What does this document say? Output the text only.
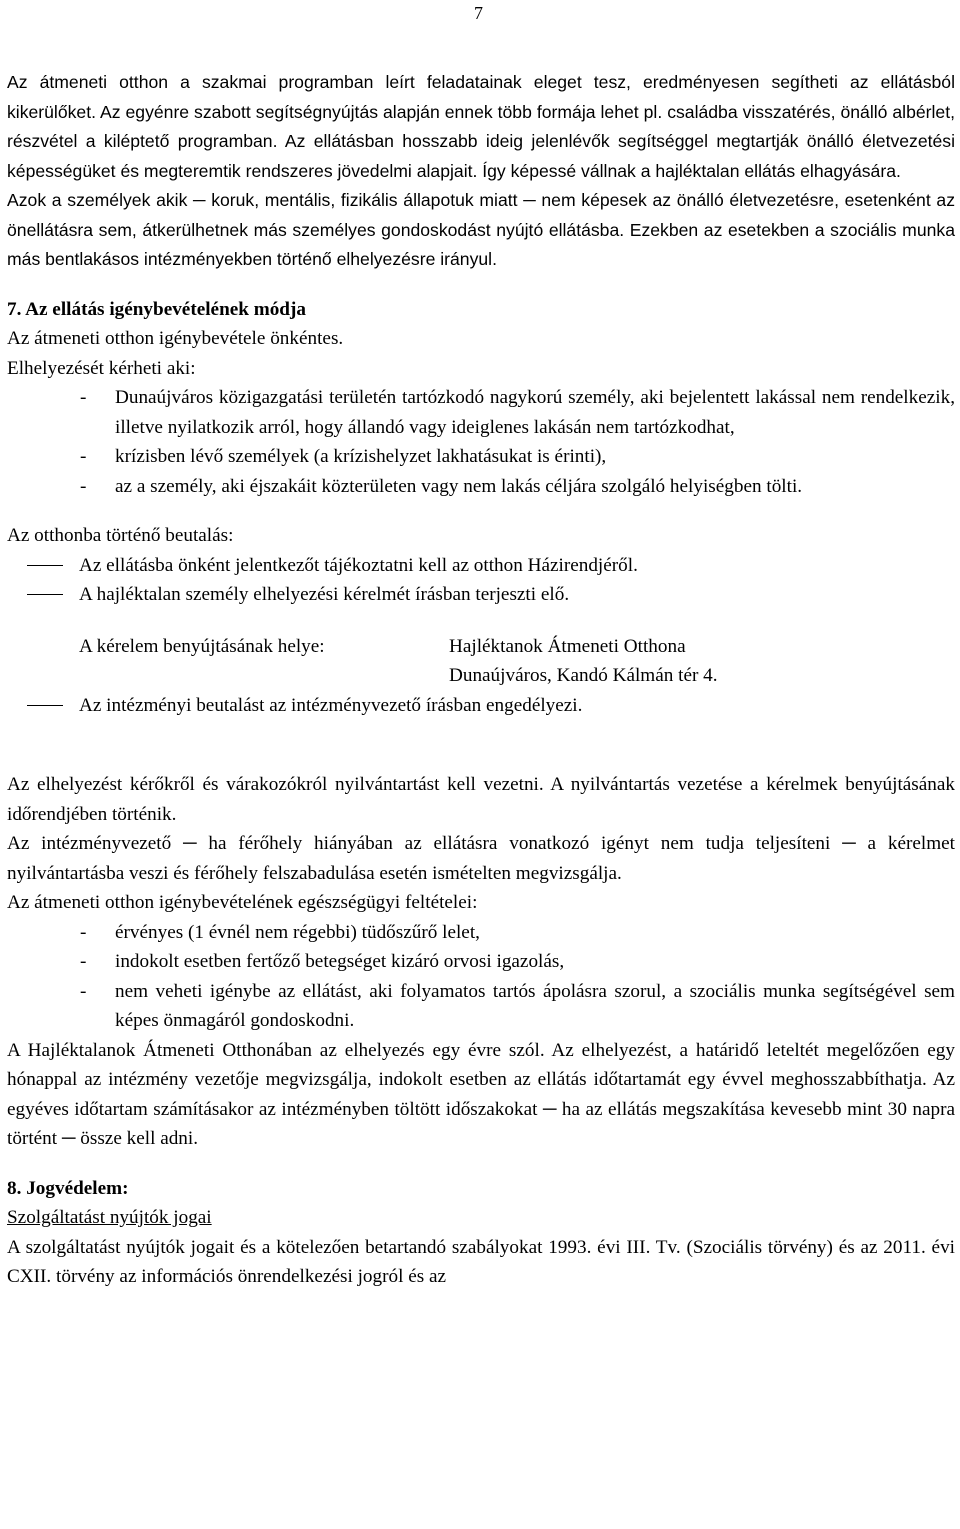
7

Az átmeneti otthon a szakmai programban leírt feladatainak eleget tesz, eredményesen segítheti az ellátásból kikerülőket. Az egyénre szabott segítségnyújtás alapján ennek több formája lehet pl. családba visszatérés, önálló albérlet, részvétel a kiléptető programban. Az ellátásban hosszabb ideig jelenlévők segítséggel megtartják önálló életvezetési képességüket és megteremtik rendszeres jövedelmi alapjait. Így képessé vállnak a hajléktalan ellátás elhagyására.

Azok a személyek akik ─ koruk, mentális, fizikális állapotuk miatt ─ nem képesek az önálló életvezetésre, esetenként az önellátásra sem, átkerülhetnek más személyes gondoskodást nyújtó ellátásba. Ezekben az esetekben a szociális munka más bentlakásos intézményekben történő elhelyezésre irányul.

7. Az ellátás igénybevételének módja

Az átmeneti otthon igénybevétele önkéntes.

Elhelyezését kérheti aki:

- Dunaújváros közigazgatási területén tartózkodó nagykorú személy, aki bejelentett lakással nem rendelkezik, illetve nyilatkozik arról, hogy állandó vagy ideiglenes lakásán nem tartózkodhat,
- krízisben lévő személyek (a krízishelyzet lakhatásukat is érinti),
- az a személy, aki éjszakáit közterületen vagy nem lakás céljára szolgáló helyiségben tölti.

Az otthonba történő beutalás:

Az ellátásba önként jelentkezőt tájékoztatni kell az otthon Házirendjéről.
A hajléktalan személy elhelyezési kérelmét írásban terjeszti elő.
A kérelem benyújtásának helye:	Hajléktanok Átmeneti Otthona
Dunaújváros, Kandó Kálmán tér 4.
Az intézményi beutalást az intézményvezető írásban engedélyezi.

Az elhelyezést kérőkről és várakozókról nyilvántartást kell vezetni. A nyilvántartás vezetése a kérelmek benyújtásának időrendjében történik.

Az intézményvezető ─ ha férőhely hiányában az ellátásra vonatkozó igényt nem tudja teljesíteni ─ a kérelmet nyilvántartásba veszi és férőhely felszabadulása esetén ismételten megvizsgálja.

Az átmeneti otthon igénybevételének egészségügyi feltételei:

- érvényes (1 évnél nem régebbi) tüdőszűrő lelet,
- indokolt esetben fertőző betegséget kizáró orvosi igazolás,
- nem veheti igénybe az ellátást, aki folyamatos tartós ápolásra szorul, a szociális munka segítségével sem képes önmagáról gondoskodni.

A Hajléktalanok Átmeneti Otthonában az elhelyezés egy évre szól. Az elhelyezést, a határidő leteltét megelőzően egy hónappal az intézmény vezetője megvizsgálja, indokolt esetben az ellátás időtartamát egy évvel meghosszabbíthatja. Az egyéves időtartam számításakor az intézményben töltött időszakokat ─ ha az ellátás megszakítása kevesebb mint 30 napra történt ─ össze kell adni.

8. Jogvédelem:

Szolgáltatást nyújtók jogai

A szolgáltatást nyújtók jogait és a kötelezően betartandó szabályokat 1993. évi III. Tv. (Szociális törvény) és az 2011. évi CXII. törvény az információs önrendelkezési jogról és az
